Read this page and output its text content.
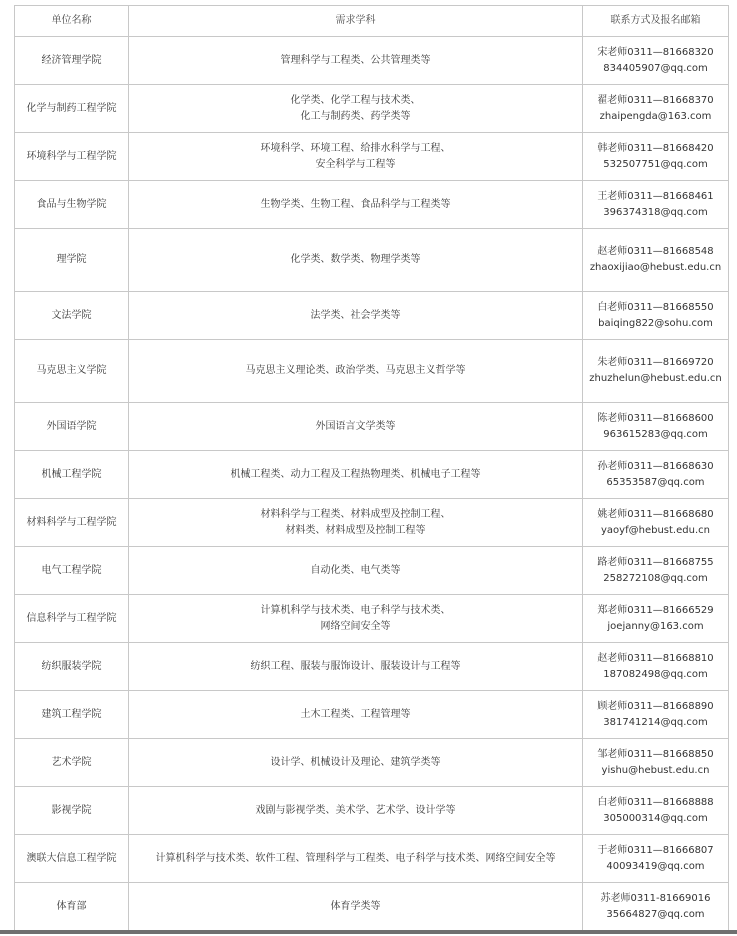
单位名称	需求学科	联系方式及报名邮箱
经济管理学院	管理科学与工程类、公共管理类等	宋老师0311—81668320
834405907@qq.com

化学与制药工程学院	化学类、化学工程与技术类、
化工与制药类、药学类等	翟老师0311—81668370
zhaipengda@163.com

环境科学与工程学院	环境科学、环境工程、给排水科学与工程、
安全科学与工程等	韩老师0311—81668420
532507751@qq.com

食品与生物学院	生物学类、生物工程、食品科学与工程类等	王老师0311—81668461
396374318@qq.com

理学院	化学类、数学类、物理学类等	赵老师0311—81668548
zhaoxijiao@hebust.edu.cn

文法学院	法学类、社会学类等	白老师0311—81668550
baiqing822@sohu.com

马克思主义学院	马克思主义理论类、政治学类、马克思主义哲学等	朱老师0311—81669720
zhuzhelun@hebust.edu.cn

外国语学院	外国语言文学类等	陈老师0311—81668600
963615283@qq.com

机械工程学院	机械工程类、动力工程及工程热物理类、机械电子工程等	孙老师0311—81668630
65353587@qq.com

材料科学与工程学院	材料科学与工程类、材料成型及控制工程、
材料类、材料成型及控制工程等	姚老师0311—81668680
yaoyf@hebust.edu.cn

电气工程学院	自动化类、电气类等	路老师0311—81668755
258272108@qq.com

信息科学与工程学院	计算机科学与技术类、电子科学与技术类、
网络空间安全等	郑老师0311—81666529
joejanny@163.com

纺织服装学院	纺织工程、服装与服饰设计、服装设计与工程等	赵老师0311—81668810
187082498@qq.com

建筑工程学院	土木工程类、工程管理等	顾老师0311—81668890
381741214@qq.com

艺术学院	设计学、机械设计及理论、建筑学类等	邹老师0311—81668850
yishu@hebust.edu.cn

影视学院	戏剧与影视学类、美术学、艺术学、设计学等	白老师0311—81668888
305000314@qq.com

澳联大信息工程学院	计算机科学与技术类、软件工程、管理科学与工程类、电子科学与技术类、网络空间安全等	于老师0311—81666807
40093419@qq.com

体育部	体育学类等	苏老师0311-81669016
35664827@qq.com
